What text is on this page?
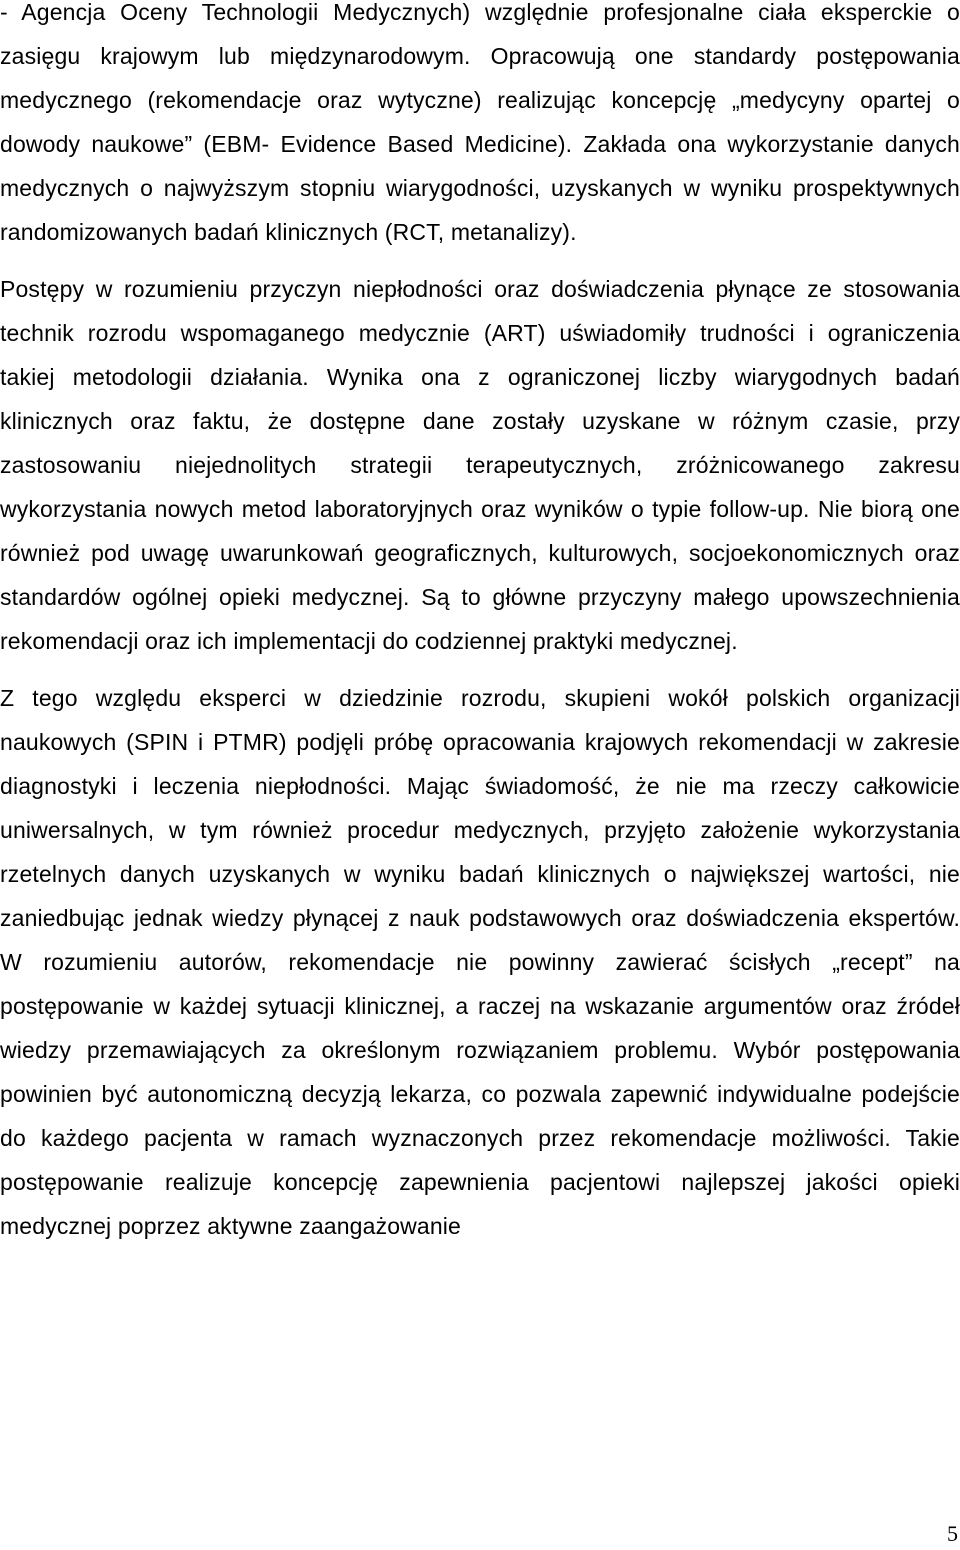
- Agencja Oceny Technologii Medycznych) względnie profesjonalne ciała eksperckie o zasięgu krajowym lub międzynarodowym. Opracowują one standardy postępowania medycznego (rekomendacje oraz wytyczne) realizując koncepcję „medycyny opartej o dowody naukowe” (EBM- Evidence Based Medicine). Zakłada ona wykorzystanie danych medycznych o najwyższym stopniu wiarygodności, uzyskanych w wyniku prospektywnych randomizowanych badań klinicznych (RCT, metanalizy).

Postępy w rozumieniu przyczyn niepłodności oraz doświadczenia płynące ze stosowania technik rozrodu wspomaganego medycznie (ART) uświadomiły trudności i ograniczenia takiej metodologii działania. Wynika ona z ograniczonej liczby wiarygodnych badań klinicznych oraz faktu, że dostępne dane zostały uzyskane w różnym czasie, przy zastosowaniu niejednolitych strategii terapeutycznych, zróżnicowanego zakresu wykorzystania nowych metod laboratoryjnych oraz wyników o typie follow-up. Nie biorą one również pod uwagę uwarunkowań geograficznych, kulturowych, socjoekonomicznych oraz standardów ogólnej opieki medycznej. Są to główne przyczyny małego upowszechnienia rekomendacji oraz ich implementacji do codziennej praktyki medycznej.

Z tego względu eksperci w dziedzinie rozrodu, skupieni wokół polskich organizacji naukowych (SPIN i PTMR) podjęli próbę opracowania krajowych rekomendacji w zakresie diagnostyki i leczenia niepłodności. Mając świadomość, że nie ma rzeczy całkowicie uniwersalnych, w tym również procedur medycznych, przyjęto założenie wykorzystania rzetelnych danych uzyskanych w wyniku badań klinicznych o największej wartości, nie zaniedbując jednak wiedzy płynącej z nauk podstawowych oraz doświadczenia ekspertów. W rozumieniu autorów, rekomendacje nie powinny zawierać ścisłych „recept” na postępowanie w każdej sytuacji klinicznej, a raczej na wskazanie argumentów oraz źródeł wiedzy przemawiających za określonym rozwiązaniem problemu. Wybór postępowania powinien być autonomiczną decyzją lekarza, co pozwala zapewnić indywidualne podejście do każdego pacjenta w ramach wyznaczonych przez rekomendacje możliwości. Takie postępowanie realizuje koncepcję zapewnienia pacjentowi najlepszej jakości opieki medycznej poprzez aktywne zaangażowanie

5
